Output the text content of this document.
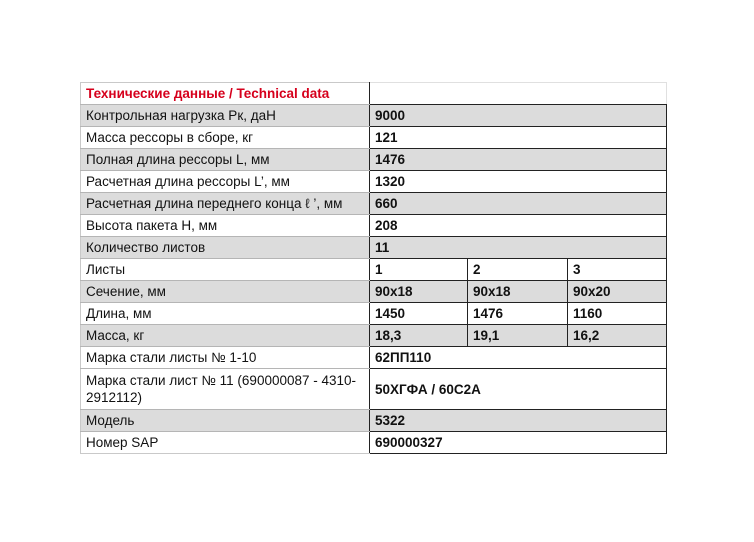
Технические данные / Technical data			
Контрольная нагрузка Рк, даН	9000		
Масса рессоры в сборе, кг	121		
Полная длина рессоры L, мм	1476		
Расчетная длина рессоры L’, мм	1320		
Расчетная длина переднего конца ℓ ’, мм	660		
Высота пакета Н, мм	208		
Количество листов	11		
Листы	1	2	3
Сечение, мм	90x18	90x18	90x20
Длина, мм	1450	1476	1160
Масса, кг	18,3	19,1	16,2
Марка стали листы № 1-10	62ПП110		
Марка стали лист № 11 (690000087 - 4310-2912112)	50ХГФА / 60С2А		
Модель	5322		
Номер SAP	690000327		
